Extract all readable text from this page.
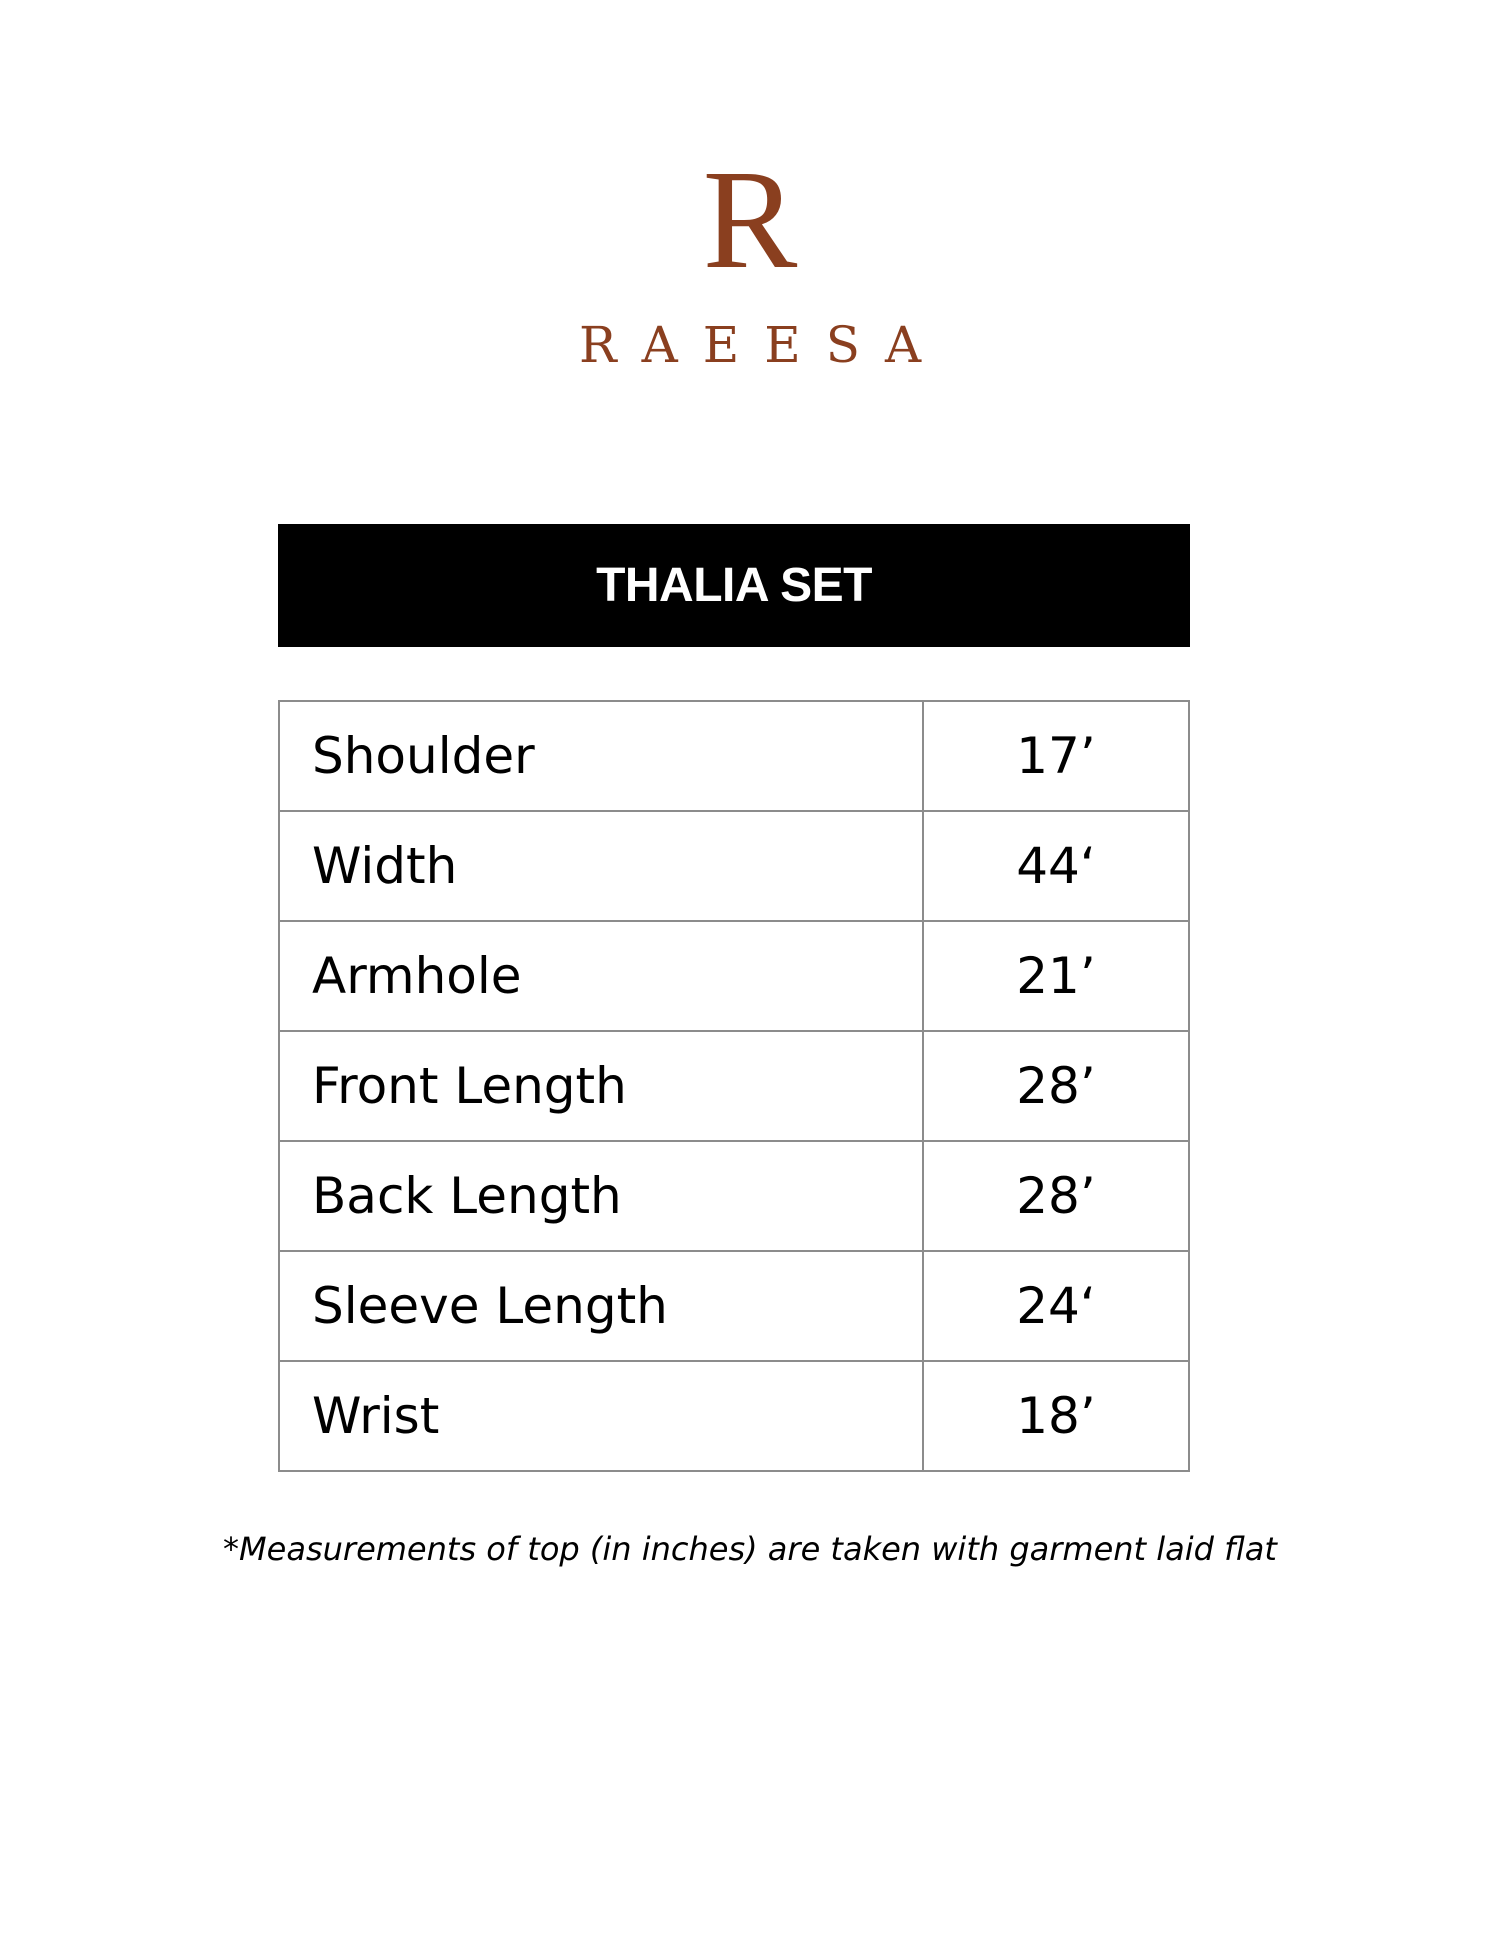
R
RAEESA
THALIA SET
Shoulder	17’
Width	44‘
Armhole	21’
Front Length	28’
Back Length	28’
Sleeve Length	24‘
Wrist	18’
*Measurements of top (in inches) are taken with garment laid flat
